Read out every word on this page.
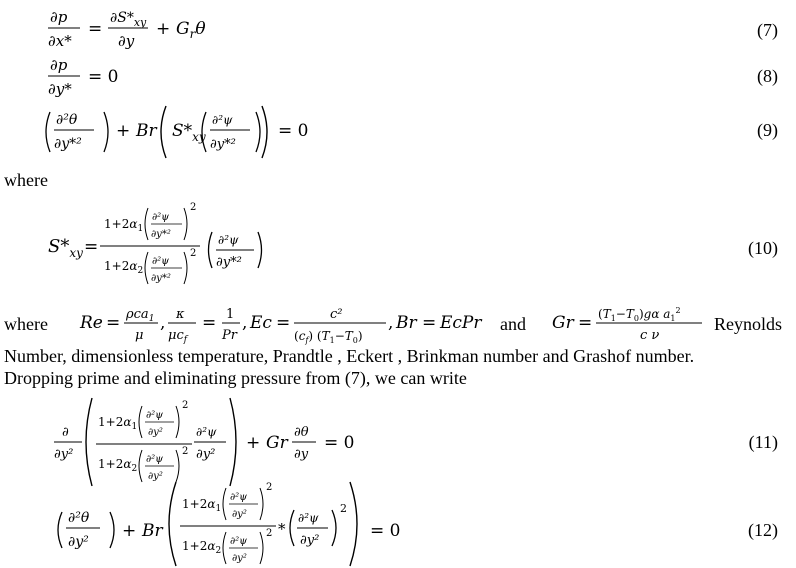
∂p
∂x*
=
$\partial S*_{xy}$
∂y
+ $G_r\theta$	(7)
∂p
∂y*
= 0	(8)
∂²θ
∂y*²
+ Br $S*_{xy}$
∂²ψ
∂y*²
= 0	(9)
where
$S*_{xy}$ =
$1+2\alpha_1$
∂²ψ
∂y*²
2
$1+2\alpha_2$
∂²ψ
∂y*²
2
∂²ψ
∂y*²
(10)
where Re = ρca$_1$
μ
, κ
$\mu c_f$
= 1
Pr
, Ec =	c²
$(c_f)$ $(T_1-T_0)$
, Br = EcPr	$Gr = (T_1-T_0)g\alpha$ $a_1^2$
c ν
and	Reynolds
Number, dimensionless temperature, Prandtle , Eckert , Brinkman number and Grashof number.
Dropping prime and eliminating pressure from (7), we can write
∂
∂y²
$1+2\alpha_1$
∂²ψ
∂y²
2
$1+2\alpha_2$
∂²ψ
∂y²
2
∂²ψ
∂y²
+ Gr
∂θ
∂y
= 0	(11)
∂²θ
∂y²
+ Br
$1+2\alpha_1$
∂²ψ
∂y²
2
$1+2\alpha_2$
∂²ψ
∂y²
2 *
∂²ψ
∂y²
2
= 0	(12)
